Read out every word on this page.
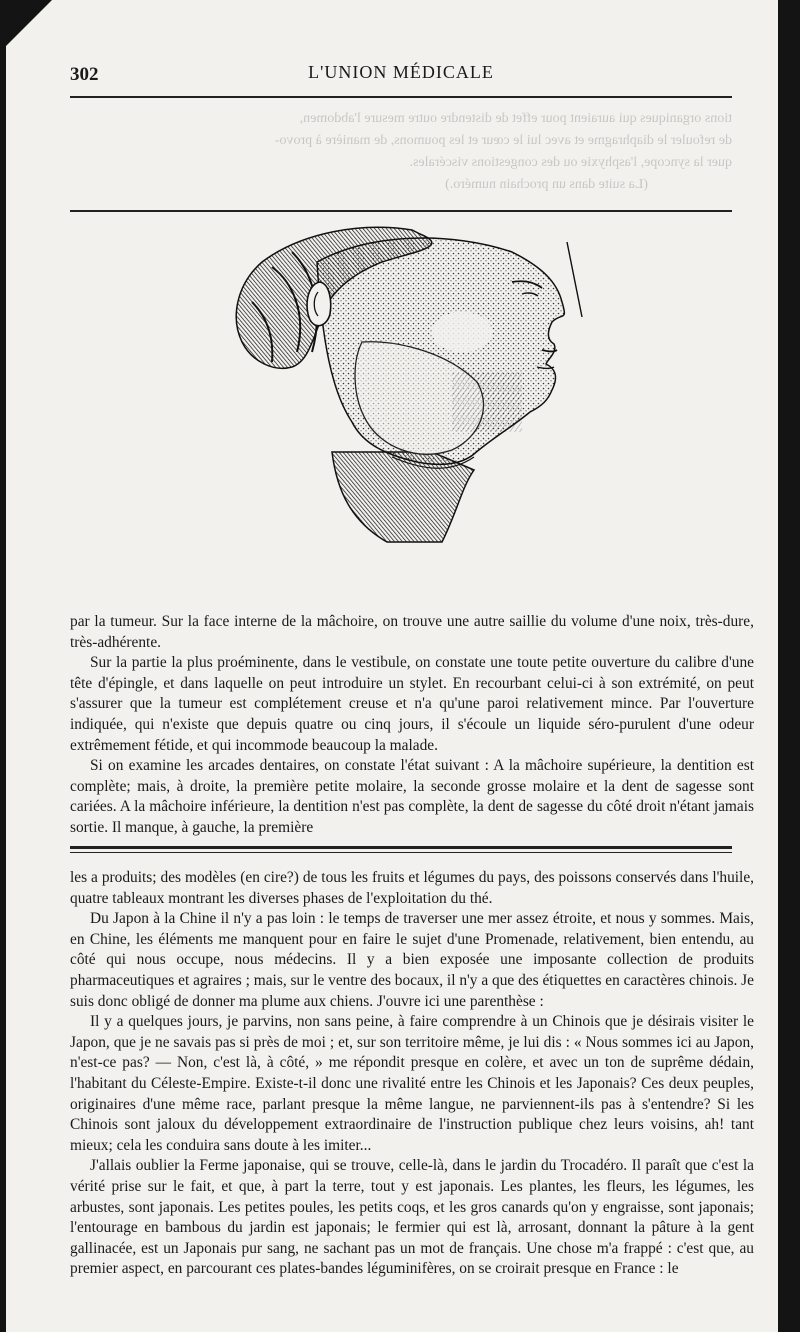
302	L'UNION MÉDICALE

tions organiques qui auraient pour effet de distendre outre mesure l'abdomen,

de refouler le diaphragme et avec lui le cœur et les poumons, de manière à provo-

quer la syncope, l'asphyxie ou des congestions viscérales.

(La suite dans un prochain numéro.)

par la tumeur. Sur la face interne de la mâchoire, on trouve une autre saillie du volume d'une noix, très-dure, très-adhérente.

Sur la partie la plus proéminente, dans le vestibule, on constate une toute petite ouverture du calibre d'une tête d'épingle, et dans laquelle on peut introduire un stylet. En recourbant celui-ci à son extrémité, on peut s'assurer que la tumeur est complétement creuse et n'a qu'une paroi relativement mince. Par l'ouverture indiquée, qui n'existe que depuis quatre ou cinq jours, il s'écoule un liquide séro-purulent d'une odeur extrêmement fétide, et qui incommode beaucoup la malade.

Si on examine les arcades dentaires, on constate l'état suivant : A la mâchoire supérieure, la dentition est complète; mais, à droite, la première petite molaire, la seconde grosse molaire et la dent de sagesse sont cariées. A la mâchoire inférieure, la dentition n'est pas complète, la dent de sagesse du côté droit n'étant jamais sortie. Il manque, à gauche, la première

les a produits; des modèles (en cire?) de tous les fruits et légumes du pays, des poissons conservés dans l'huile, quatre tableaux montrant les diverses phases de l'exploitation du thé.

Du Japon à la Chine il n'y a pas loin : le temps de traverser une mer assez étroite, et nous y sommes. Mais, en Chine, les éléments me manquent pour en faire le sujet d'une Promenade, relativement, bien entendu, au côté qui nous occupe, nous médecins. Il y a bien exposée une imposante collection de produits pharmaceutiques et agraires ; mais, sur le ventre des bocaux, il n'y a que des étiquettes en caractères chinois. Je suis donc obligé de donner ma plume aux chiens. J'ouvre ici une parenthèse :

Il y a quelques jours, je parvins, non sans peine, à faire comprendre à un Chinois que je désirais visiter le Japon, que je ne savais pas si près de moi ; et, sur son territoire même, je lui dis : « Nous sommes ici au Japon, n'est-ce pas? — Non, c'est là, à côté, » me répondit presque en colère, et avec un ton de suprême dédain, l'habitant du Céleste-Empire. Existe-t-il donc une rivalité entre les Chinois et les Japonais? Ces deux peuples, originaires d'une même race, parlant presque la même langue, ne parviennent-ils pas à s'entendre? Si les Chinois sont jaloux du développement extraordinaire de l'instruction publique chez leurs voisins, ah! tant mieux; cela les conduira sans doute à les imiter...

J'allais oublier la Ferme japonaise, qui se trouve, celle-là, dans le jardin du Trocadéro. Il paraît que c'est la vérité prise sur le fait, et que, à part la terre, tout y est japonais. Les plantes, les fleurs, les légumes, les arbustes, sont japonais. Les petites poules, les petits coqs, et les gros canards qu'on y engraisse, sont japonais; l'entourage en bambous du jardin est japonais; le fermier qui est là, arrosant, donnant la pâture à la gent gallinacée, est un Japonais pur sang, ne sachant pas un mot de français. Une chose m'a frappé : c'est que, au premier aspect, en parcourant ces plates-bandes léguminifères, on se croirait presque en France : le
